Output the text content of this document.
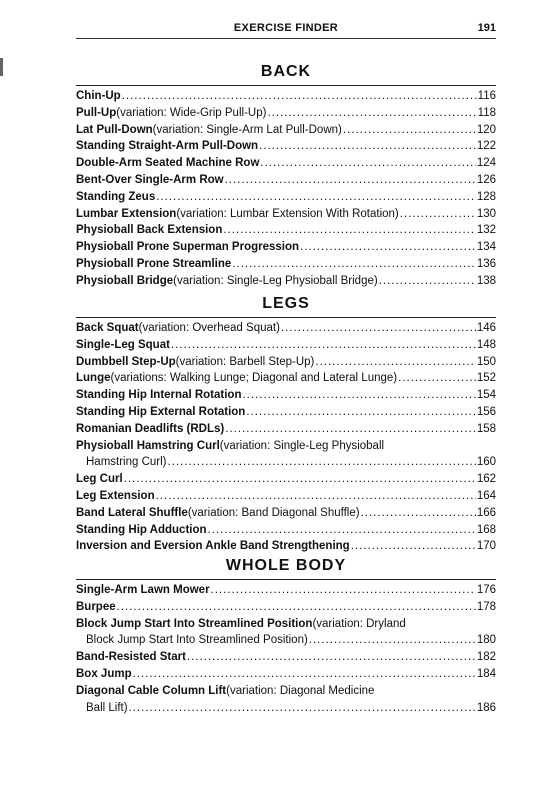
EXERCISE FINDER	191
BACK
Chin-Up .....	116
Pull-Up (variation: Wide-Grip Pull-Up) .....	118
Lat Pull-Down (variation: Single-Arm Lat Pull-Down) .....	120
Standing Straight-Arm Pull-Down .....	122
Double-Arm Seated Machine Row .....	124
Bent-Over Single-Arm Row .....	126
Standing Zeus .....	128
Lumbar Extension (variation: Lumbar Extension With Rotation) .....	130
Physioball Back Extension .....	132
Physioball Prone Superman Progression .....	134
Physioball Prone Streamline .....	136
Physioball Bridge (variation: Single-Leg Physioball Bridge) .....	138
LEGS
Back Squat (variation: Overhead Squat) .....	146
Single-Leg Squat .....	148
Dumbbell Step-Up (variation: Barbell Step-Up) .....	150
Lunge (variations: Walking Lunge; Diagonal and Lateral Lunge) .....	152
Standing Hip Internal Rotation .....	154
Standing Hip External Rotation .....	156
Romanian Deadlifts (RDLs) .....	158
Physioball Hamstring Curl (variation: Single-Leg Physioball
Hamstring Curl) .....	160
Leg Curl .....	162
Leg Extension .....	164
Band Lateral Shuffle (variation: Band Diagonal Shuffle) .....	166
Standing Hip Adduction .....	168
Inversion and Eversion Ankle Band Strengthening .....	170
WHOLE BODY
Single-Arm Lawn Mower .....	176
Burpee .....	178
Block Jump Start Into Streamlined Position (variation: Dryland
Block Jump Start Into Streamlined Position) .....	180
Band-Resisted Start .....	182
Box Jump .....	184
Diagonal Cable Column Lift (variation: Diagonal Medicine
Ball Lift) .....	186
